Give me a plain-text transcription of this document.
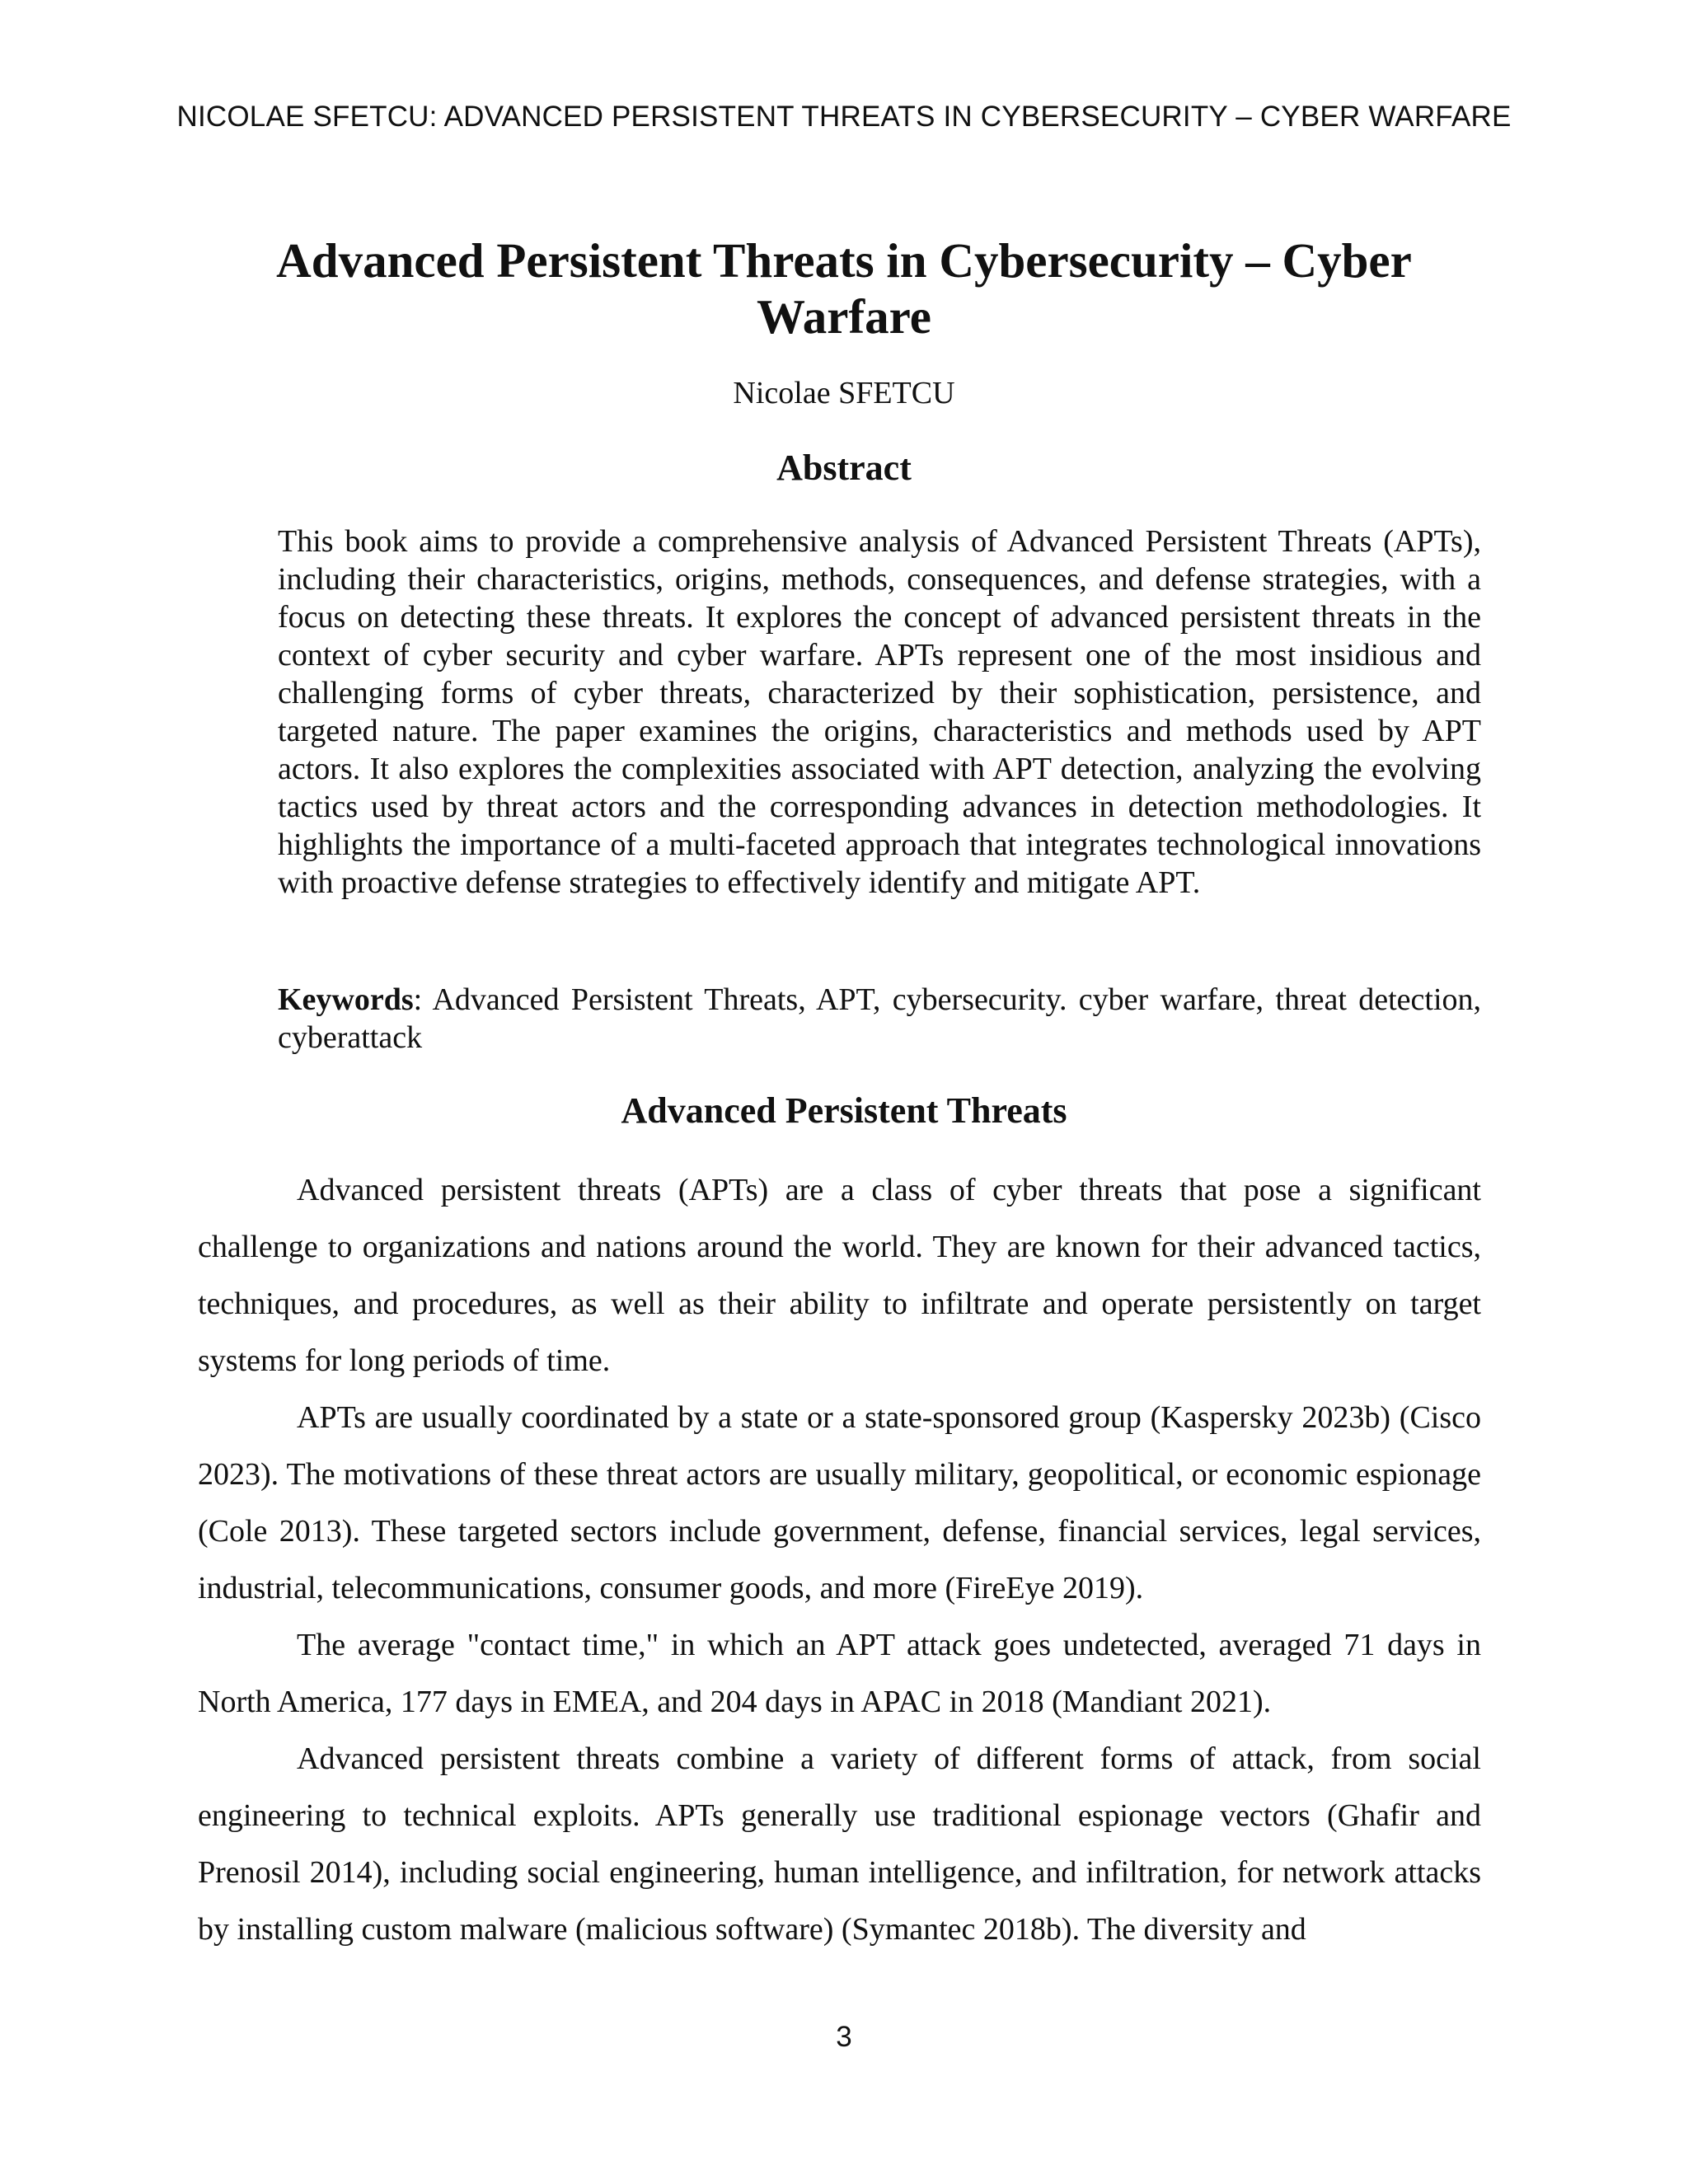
NICOLAE SFETCU: ADVANCED PERSISTENT THREATS IN CYBERSECURITY – CYBER WARFARE
Advanced Persistent Threats in Cybersecurity – Cyber Warfare
Nicolae SFETCU
Abstract
This book aims to provide a comprehensive analysis of Advanced Persistent Threats (APTs), including their characteristics, origins, methods, consequences, and defense strategies, with a focus on detecting these threats. It explores the concept of advanced persistent threats in the context of cyber security and cyber warfare. APTs represent one of the most insidious and challenging forms of cyber threats, characterized by their sophistication, persistence, and targeted nature. The paper examines the origins, characteristics and methods used by APT actors. It also explores the complexities associated with APT detection, analyzing the evolving tactics used by threat actors and the corresponding advances in detection methodologies. It highlights the importance of a multi-faceted approach that integrates technological innovations with proactive defense strategies to effectively identify and mitigate APT.
Keywords: Advanced Persistent Threats, APT, cybersecurity. cyber warfare, threat detection, cyberattack
Advanced Persistent Threats

Advanced persistent threats (APTs) are a class of cyber threats that pose a significant challenge to organizations and nations around the world. They are known for their advanced tactics, techniques, and procedures, as well as their ability to infiltrate and operate persistently on target systems for long periods of time.

APTs are usually coordinated by a state or a state-sponsored group (Kaspersky 2023b) (Cisco 2023). The motivations of these threat actors are usually military, geopolitical, or economic espionage (Cole 2013). These targeted sectors include government, defense, financial services, legal services, industrial, telecommunications, consumer goods, and more (FireEye 2019).

The average "contact time," in which an APT attack goes undetected, averaged 71 days in North America, 177 days in EMEA, and 204 days in APAC in 2018 (Mandiant 2021).

Advanced persistent threats combine a variety of different forms of attack, from social engineering to technical exploits. APTs generally use traditional espionage vectors (Ghafir and Prenosil 2014), including social engineering, human intelligence, and infiltration, for network attacks by installing custom malware (malicious software) (Symantec 2018b). The diversity and

3
